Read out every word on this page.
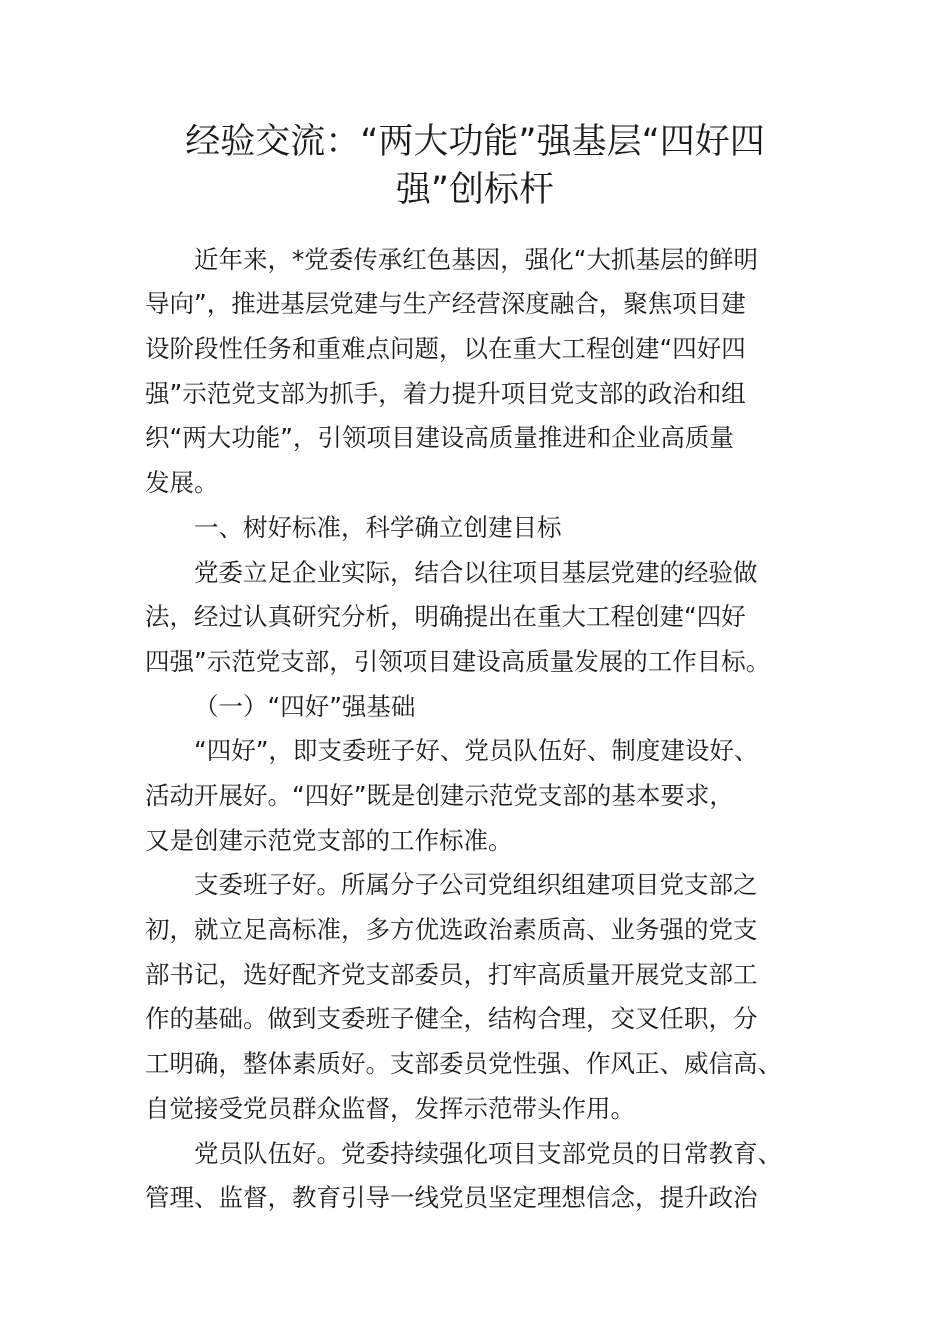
经验交流：“两大功能”强基层“四好四
强”创标杆

近年来，*党委传承红色基因，强化“大抓基层的鲜明

导向”，推进基层党建与生产经营深度融合，聚焦项目建

设阶段性任务和重难点问题，以在重大工程创建“四好四

强”示范党支部为抓手，着力提升项目党支部的政治和组

织“两大功能”，引领项目建设高质量推进和企业高质量

发展。

一、树好标准，科学确立创建目标

党委立足企业实际，结合以往项目基层党建的经验做

法，经过认真研究分析，明确提出在重大工程创建“四好

四强”示范党支部，引领项目建设高质量发展的工作目标。

（一）“四好”强基础

“四好”，即支委班子好、党员队伍好、制度建设好、

活动开展好。“四好”既是创建示范党支部的基本要求，

又是创建示范党支部的工作标准。

支委班子好。所属分子公司党组织组建项目党支部之

初，就立足高标准，多方优选政治素质高、业务强的党支

部书记，选好配齐党支部委员，打牢高质量开展党支部工

作的基础。做到支委班子健全，结构合理，交叉任职，分

工明确，整体素质好。支部委员党性强、作风正、威信高、

自觉接受党员群众监督，发挥示范带头作用。

党员队伍好。党委持续强化项目支部党员的日常教育、

管理、监督，教育引导一线党员坚定理想信念，提升政治
